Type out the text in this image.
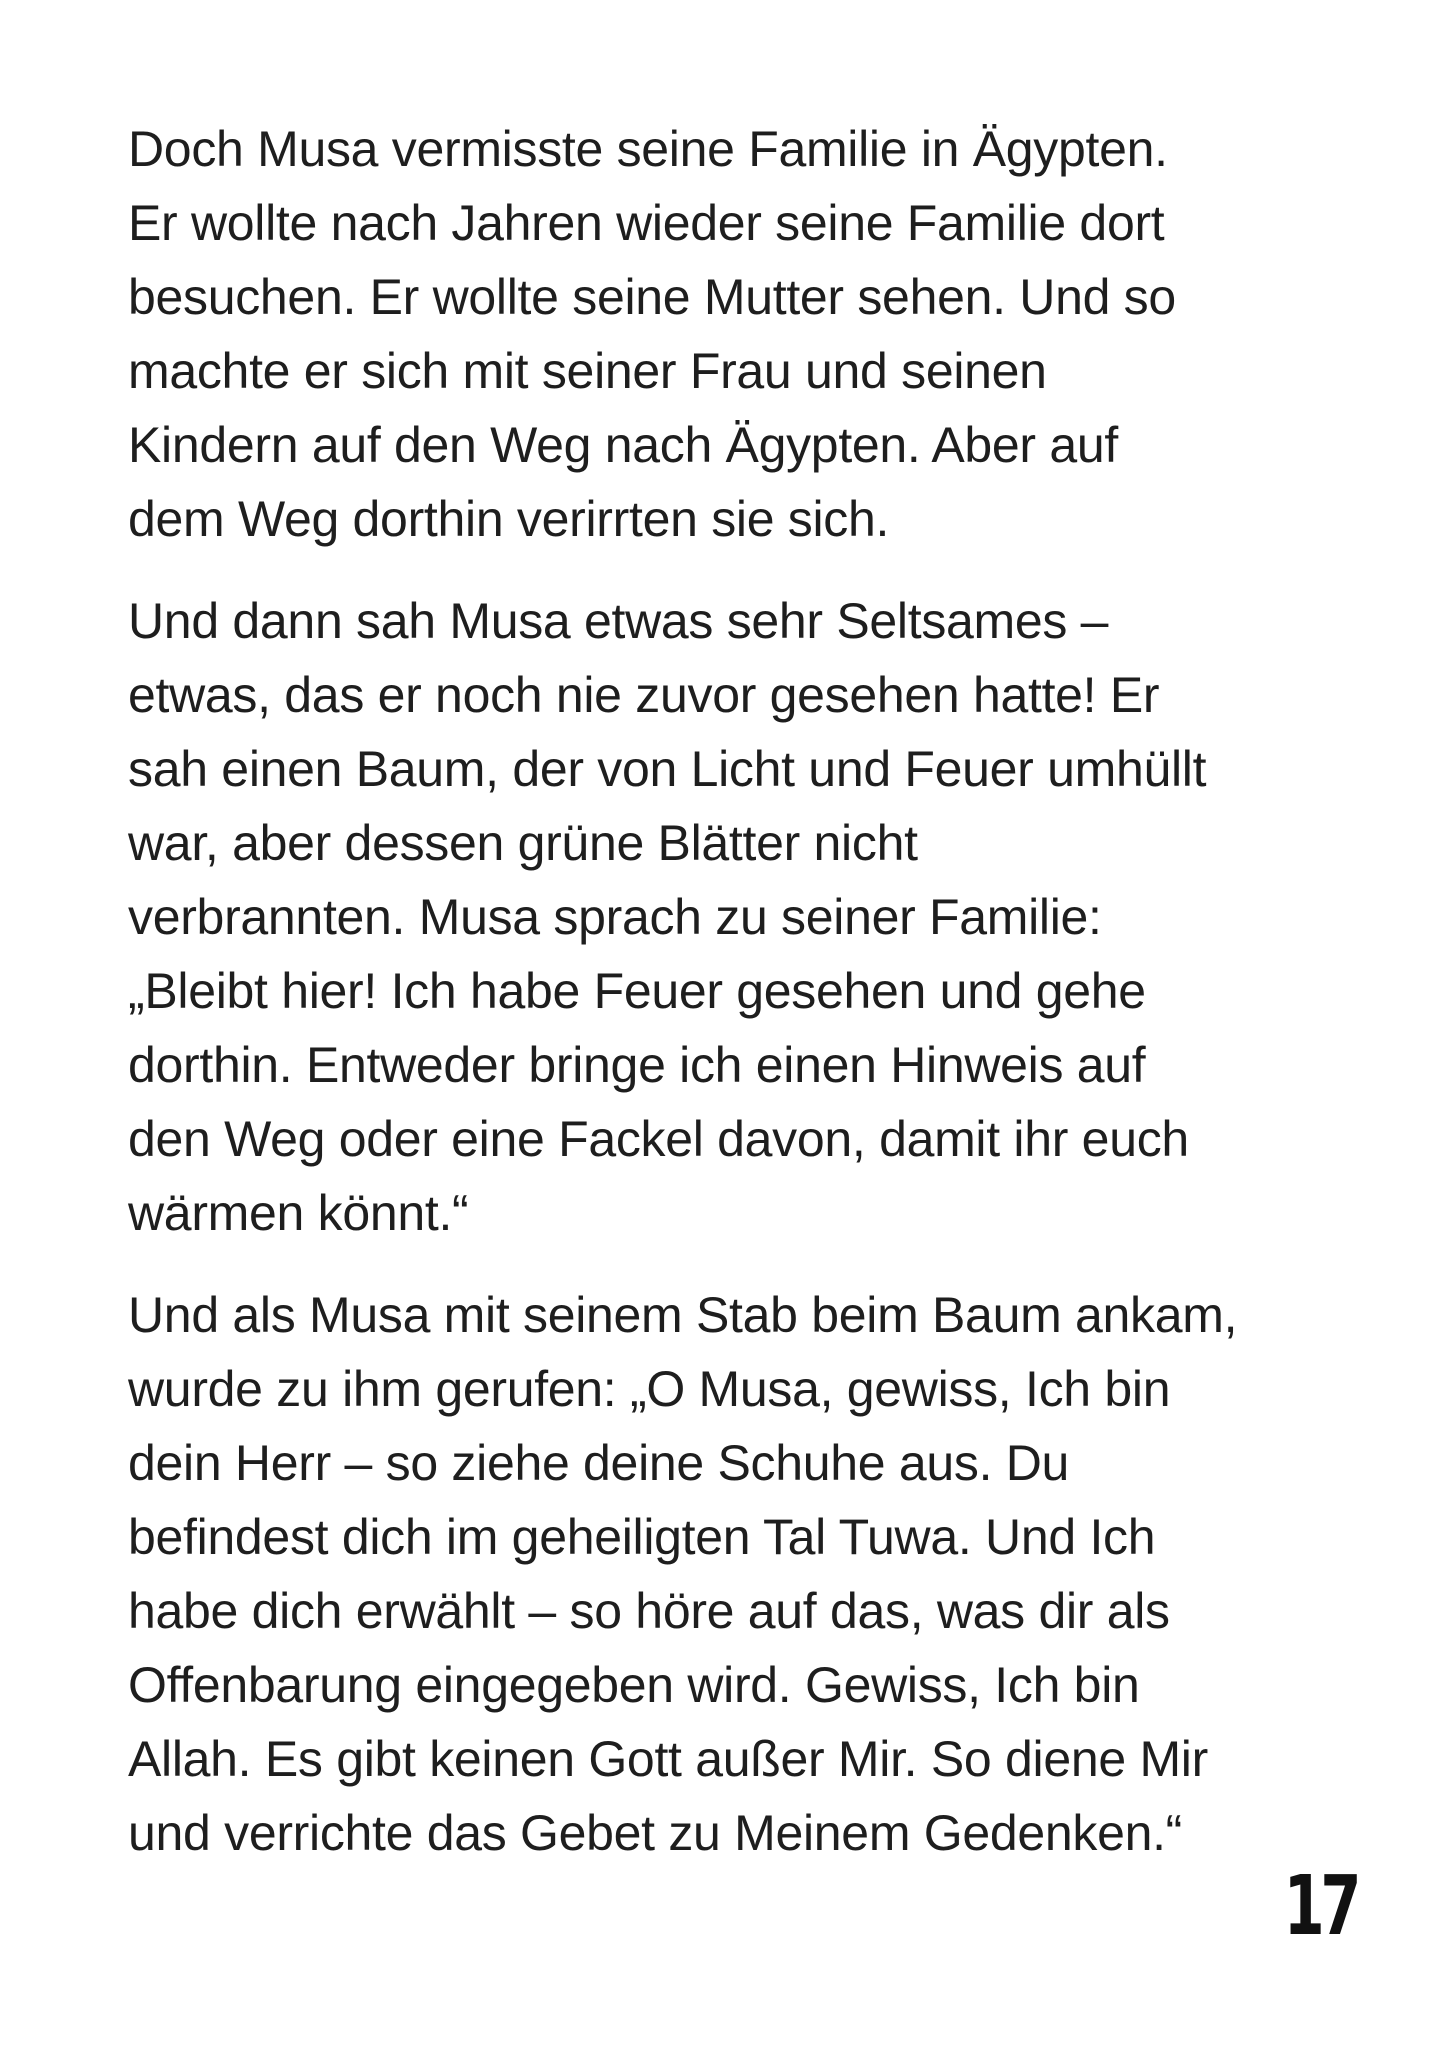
Doch Musa vermisste seine Familie in Ägypten.
Er wollte nach Jahren wieder seine Familie dort
besuchen. Er wollte seine Mutter sehen. Und so
machte er sich mit seiner Frau und seinen
Kindern auf den Weg nach Ägypten. Aber auf
dem Weg dorthin verirrten sie sich.

Und dann sah Musa etwas sehr Seltsames –
etwas, das er noch nie zuvor gesehen hatte! Er
sah einen Baum, der von Licht und Feuer umhüllt
war, aber dessen grüne Blätter nicht
verbrannten. Musa sprach zu seiner Familie:
„Bleibt hier! Ich habe Feuer gesehen und gehe
dorthin. Entweder bringe ich einen Hinweis auf
den Weg oder eine Fackel davon, damit ihr euch
wärmen könnt.“

Und als Musa mit seinem Stab beim Baum ankam,
wurde zu ihm gerufen: „O Musa, gewiss, Ich bin
dein Herr – so ziehe deine Schuhe aus. Du
befindest dich im geheiligten Tal Tuwa. Und Ich
habe dich erwählt – so höre auf das, was dir als
Offenbarung eingegeben wird. Gewiss, Ich bin
Allah. Es gibt keinen Gott außer Mir. So diene Mir
und verrichte das Gebet zu Meinem Gedenken.“

17
